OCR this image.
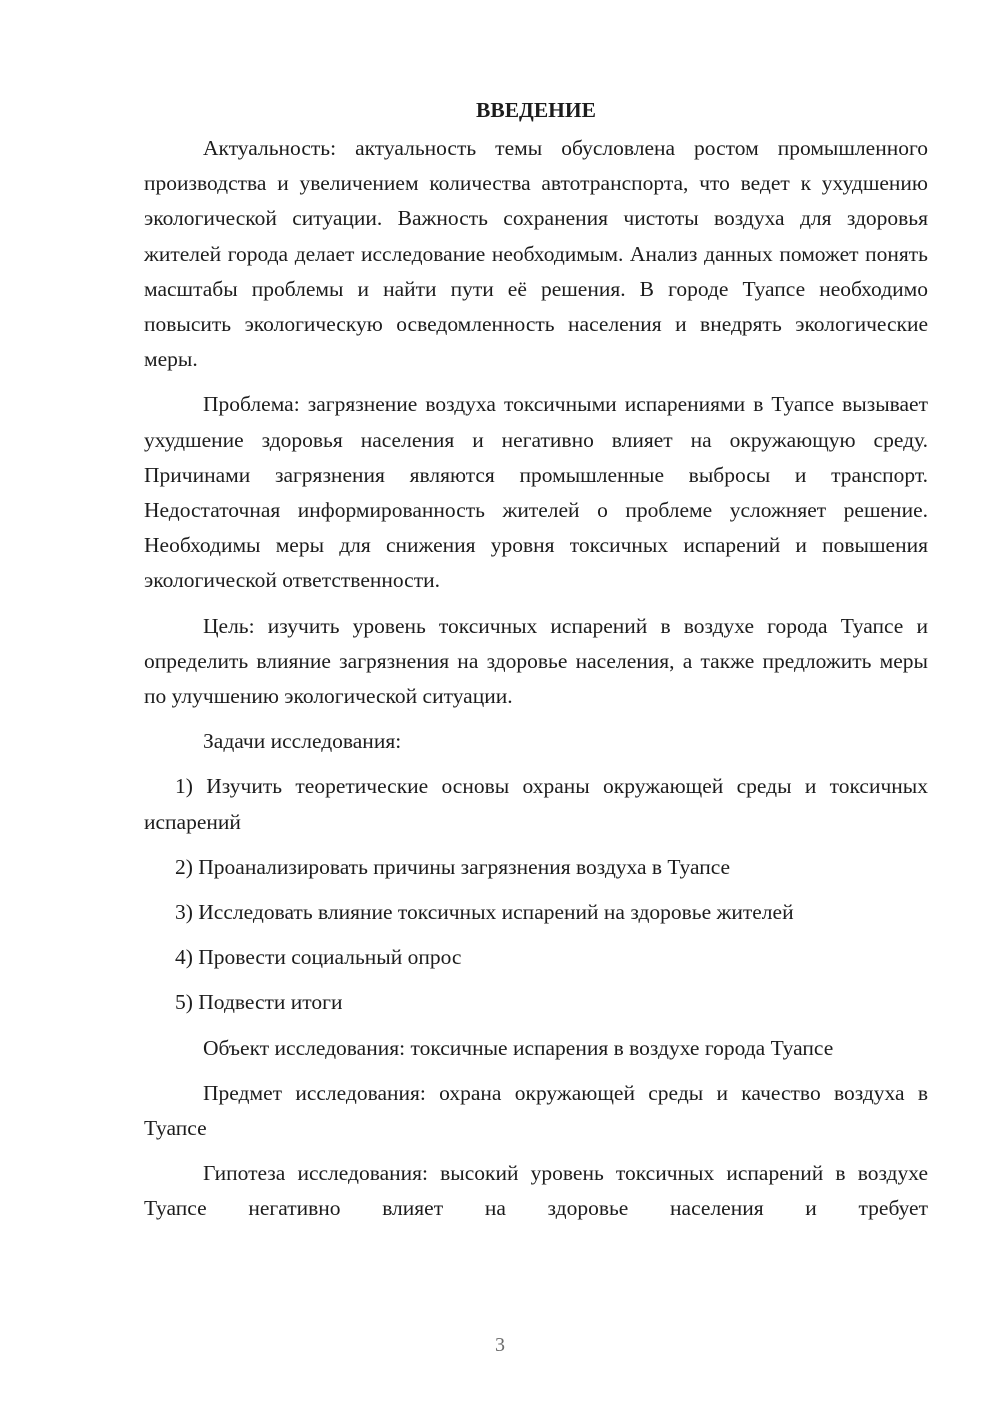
ВВЕДЕНИЕ

Актуальность: актуальность темы обусловлена ростом промышленного производства и увеличением количества автотранспорта, что ведет к ухудшению экологической ситуации. Важность сохранения чистоты воздуха для здоровья жителей города делает исследование необходимым. Анализ данных поможет понять масштабы проблемы и найти пути её решения. В городе Туапсе необходимо повысить экологическую осведомленность населения и внедрять экологические меры.

Проблема: загрязнение воздуха токсичными испарениями в Туапсе вызывает ухудшение здоровья населения и негативно влияет на окружающую среду. Причинами загрязнения являются промышленные выбросы и транспорт. Недостаточная информированность жителей о проблеме усложняет решение. Необходимы меры для снижения уровня токсичных испарений и повышения экологической ответственности.

Цель: изучить уровень токсичных испарений в воздухе города Туапсе и определить влияние загрязнения на здоровье населения, а также предложить меры по улучшению экологической ситуации.

Задачи исследования:

1) Изучить теоретические основы охраны окружающей среды и токсичных испарений

2) Проанализировать причины загрязнения воздуха в Туапсе

3) Исследовать влияние токсичных испарений на здоровье жителей

4) Провести социальный опрос

5) Подвести итоги

Объект исследования: токсичные испарения в воздухе города Туапсе

Предмет исследования: охрана окружающей среды и качество воздуха в Туапсе

Гипотеза исследования: высокий уровень токсичных испарений в воздухе Туапсе негативно влияет на здоровье населения и требует

3
